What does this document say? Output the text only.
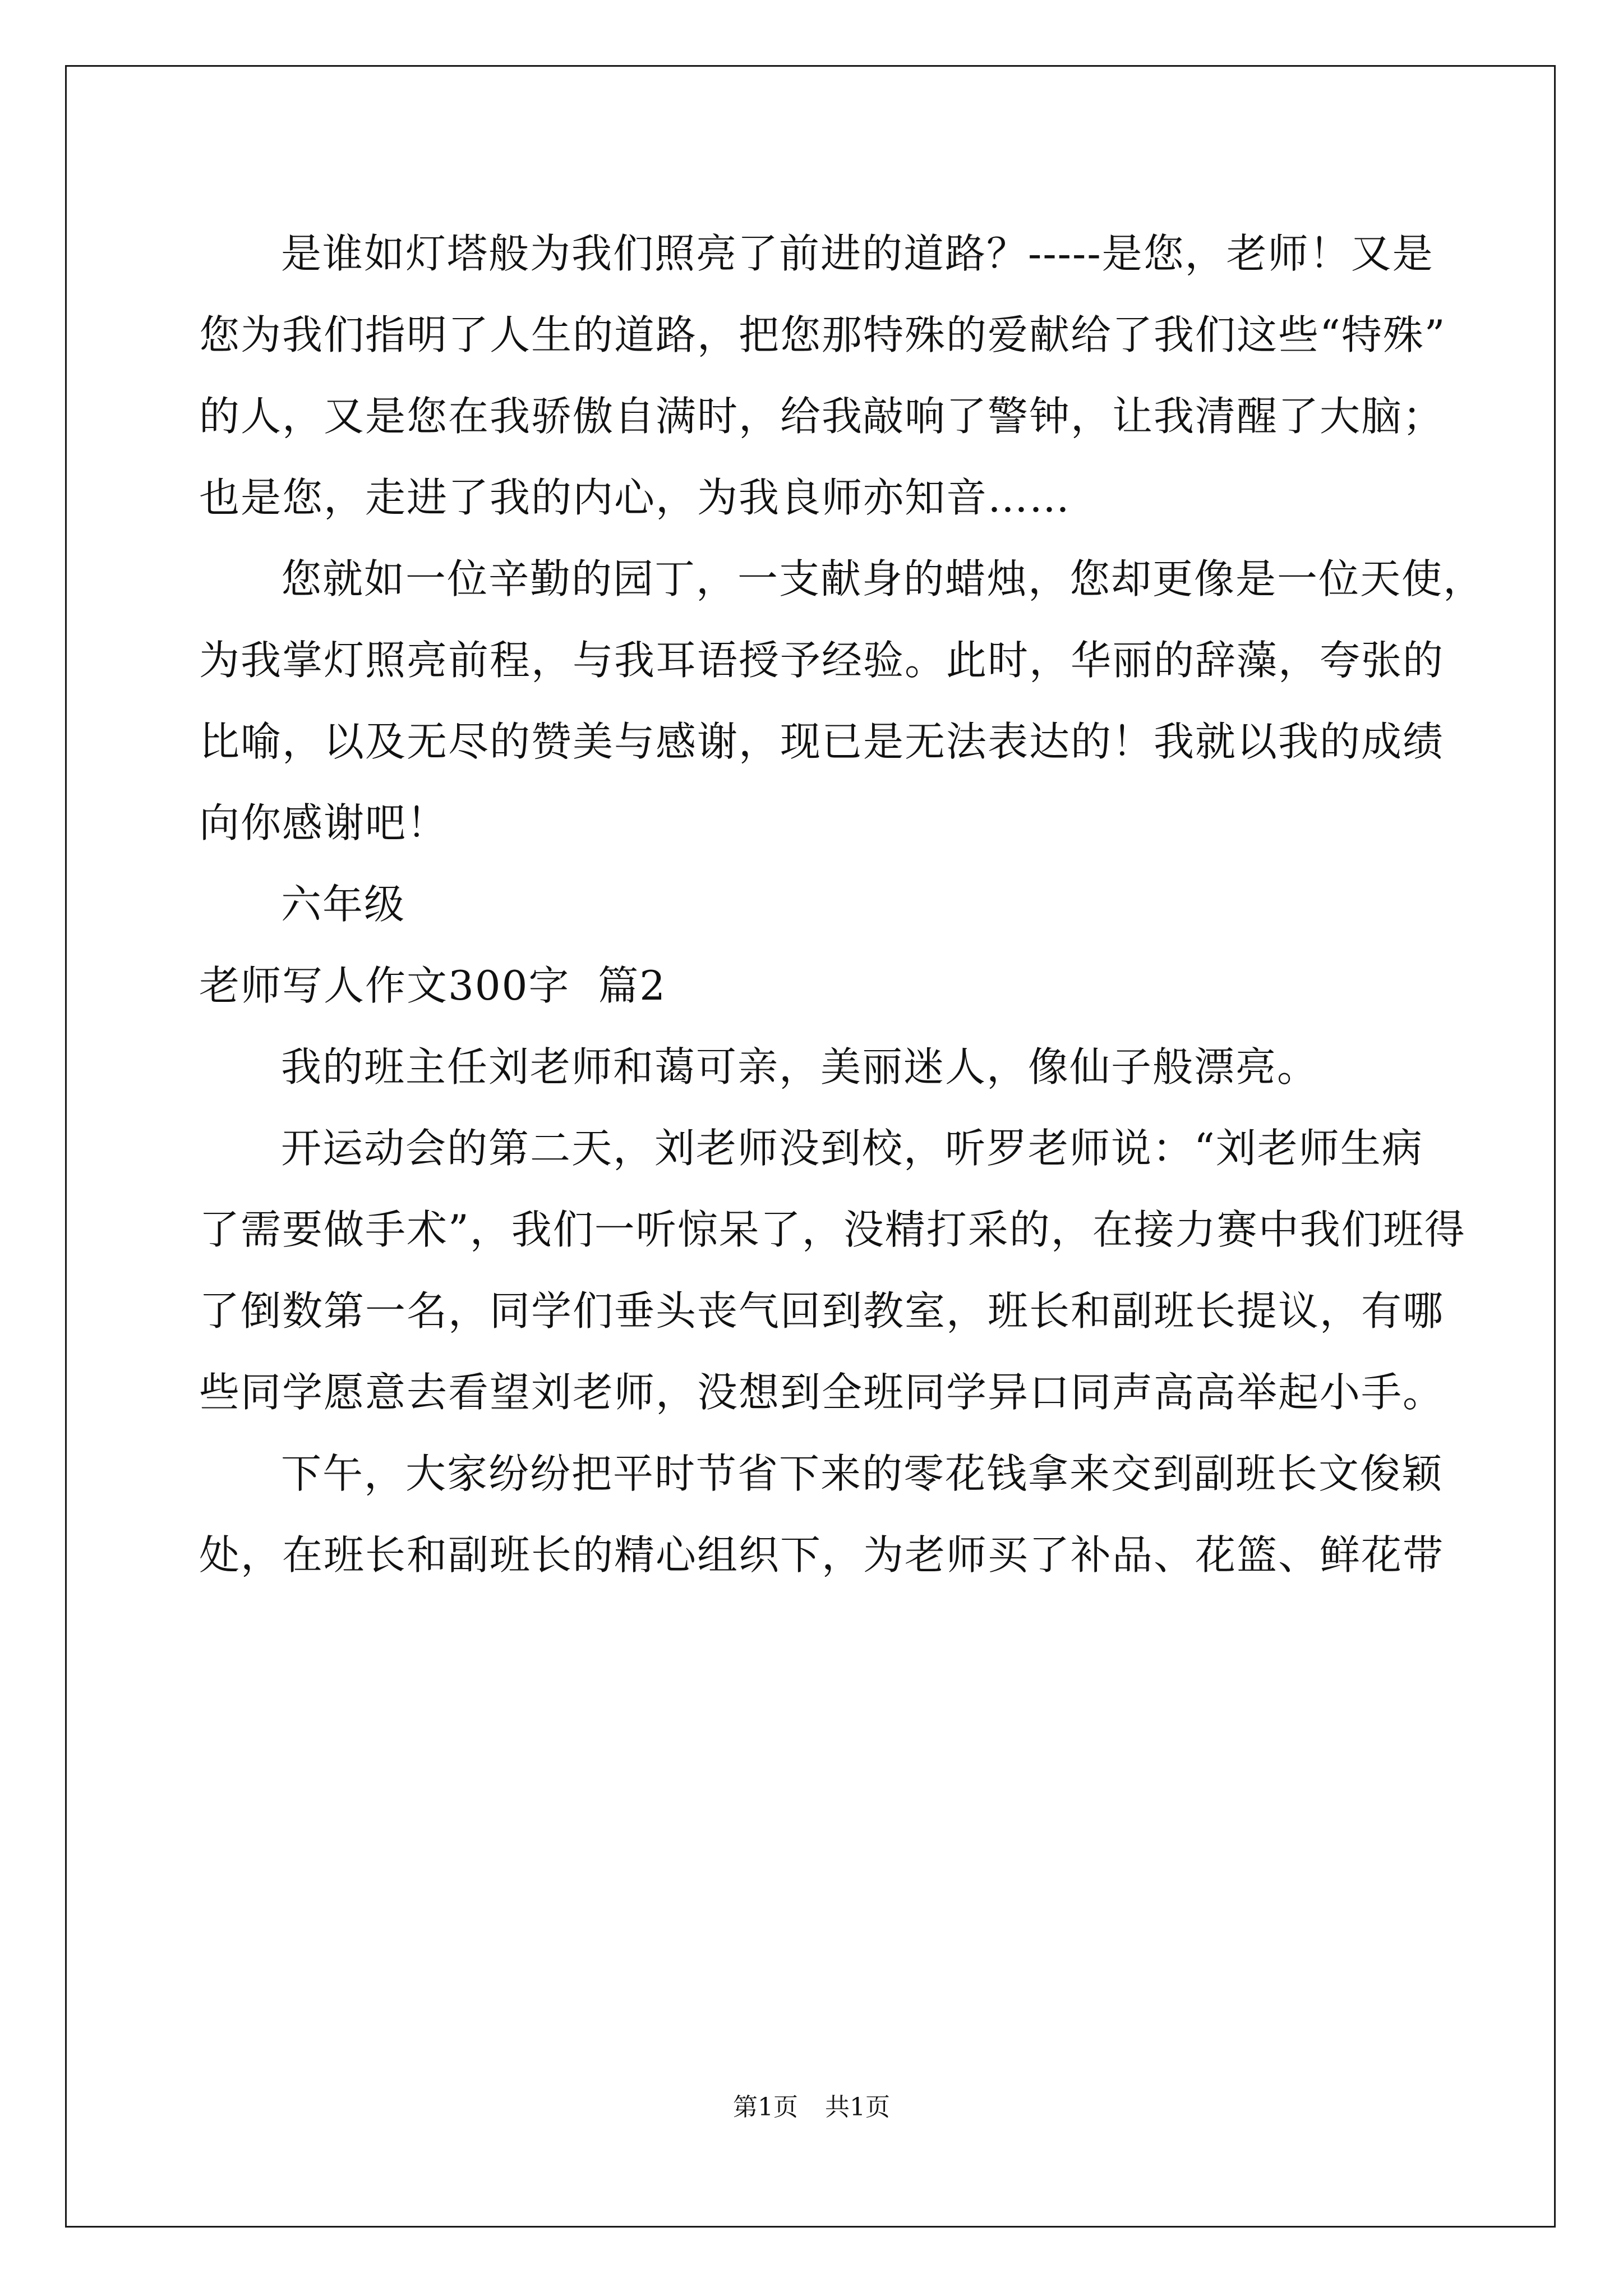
是谁如灯塔般为我们照亮了前进的道路？-----是您，老师！又是
您为我们指明了人生的道路，把您那特殊的爱献给了我们这些“特殊”
的人，又是您在我骄傲自满时，给我敲响了警钟，让我清醒了大脑；
也是您，走进了我的内心，为我良师亦知音……
您就如一位辛勤的园丁，一支献身的蜡烛，您却更像是一位天使，
为我掌灯照亮前程，与我耳语授予经验。此时，华丽的辞藻，夸张的
比喻，以及无尽的赞美与感谢，现已是无法表达的！我就以我的成绩
向你感谢吧！
六年级
老师写人作文300字  篇2
我的班主任刘老师和蔼可亲，美丽迷人，像仙子般漂亮。
开运动会的第二天，刘老师没到校，听罗老师说：“刘老师生病
了需要做手术”，我们一听惊呆了，没精打采的，在接力赛中我们班得
了倒数第一名，同学们垂头丧气回到教室，班长和副班长提议，有哪
些同学愿意去看望刘老师，没想到全班同学异口同声高高举起小手。
下午，大家纷纷把平时节省下来的零花钱拿来交到副班长文俊颖
处，在班长和副班长的精心组织下，为老师买了补品、花篮、鲜花带
第1页 共1页
